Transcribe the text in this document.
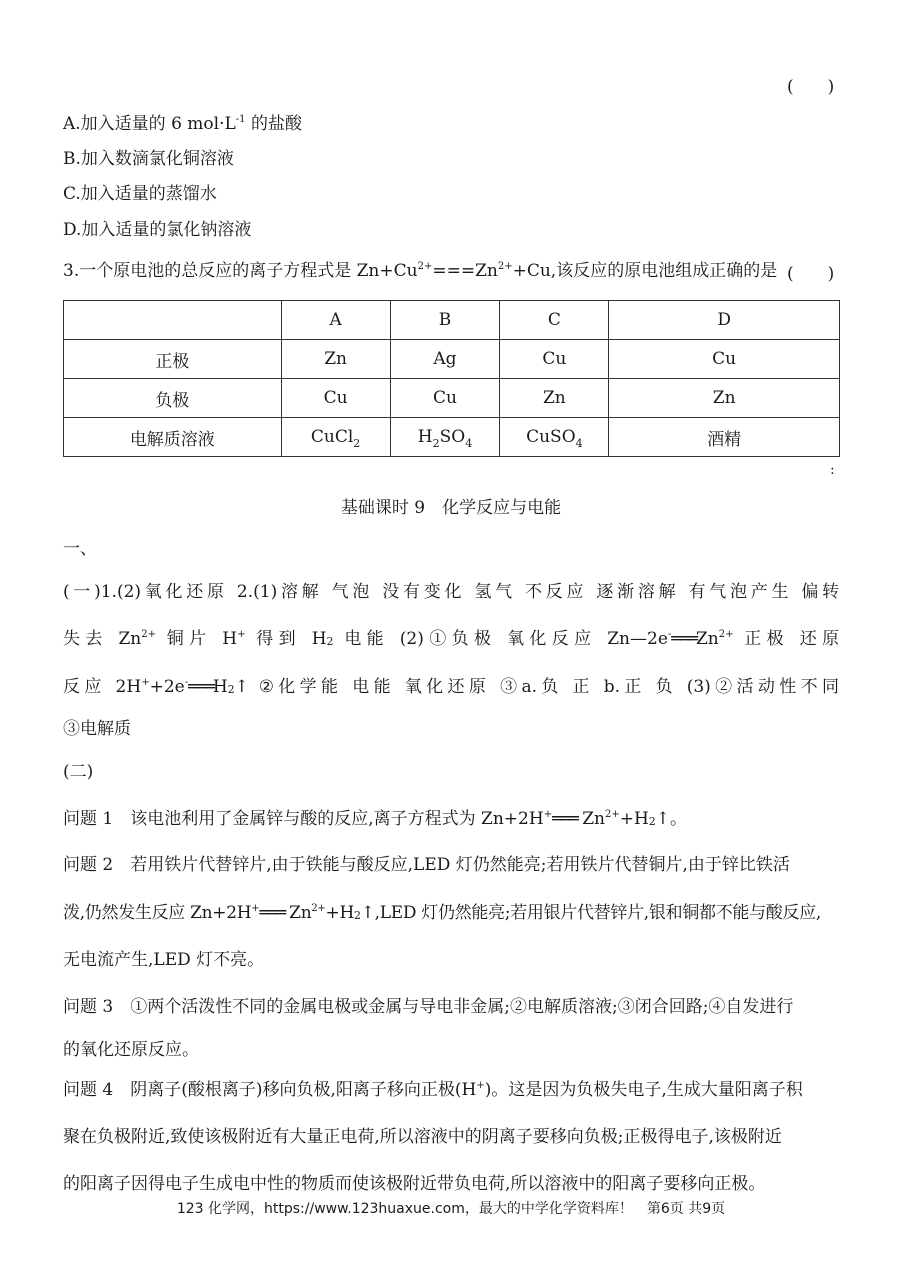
(　　)
A.加入适量的 6 $mol\cdot L^{-1}$ 的盐酸
B.加入数滴氯化铜溶液
C.加入适量的蒸馏水
D.加入适量的氯化钠溶液
3.一个原电池的总反应的离子方程式是 $Zn+Cu^{2+}===Zn^{2+}+Cu$,该反应的原电池组成正确的是 (　　)
	A	B	C	D
正极	Zn	Ag	Cu	Cu
负极	Cu	Cu	Zn	Zn
电解质溶液	CuCl$_2$	$H_2SO_4$	CuSO$_4$	酒精
:
基础课时 9　化学反应与电能
一、
(一)1.(2)氧化还原 2.(1)溶解 气泡 没有变化 氢气 不反应 逐渐溶解 有气泡产生 偏转
失去 $Zn^{2+}$ 铜片 H+ 得到 $H_2$ 电能 (2)①负极 氧化反应 $Zn—2e^-═══Zn^{2+}$ 正极 还原
反应 $2H^++2e^-═══H_2↑$ ②化学能 电能 氧化还原 ③a.负 正 b.正 负 (3)②活动性不同
③电解质
(二)
问题 1　 该电池利用了金属锌与酸的反应,离子方程式为 Zn+2H+═══ $Zn^{2+}+H_2↑$。
问题 2　 若用铁片代替锌片,由于铁能与酸反应,LED 灯仍然能亮;若用铁片代替铜片,由于锌比铁活
泼,仍然发生反应 Zn+2H+═══ $Zn^{2+}+H_2↑,LED$ 灯仍然能亮;若用银片代替锌片,银和铜都不能与酸反应,
无电流产生,LED 灯不亮。
问题 3　 ①两个活泼性不同的金属电极或金属与导电非金属;②电解质溶液;③闭合回路;④自发进行
的氧化还原反应。
问题 4　 阴离子(酸根离子)移向负极,阳离子移向正极(H+)。这是因为负极失电子,生成大量阳离子积
聚在负极附近,致使该极附近有大量正电荷,所以溶液中的阴离子要移向负极;正极得电子,该极附近
的阳离子因得电子生成电中性的物质而使该极附近带负电荷,所以溶液中的阳离子要移向正极。
123 化学网，https://www.123huaxue.com，最大的中学化学资料库！　第6页 共9页
